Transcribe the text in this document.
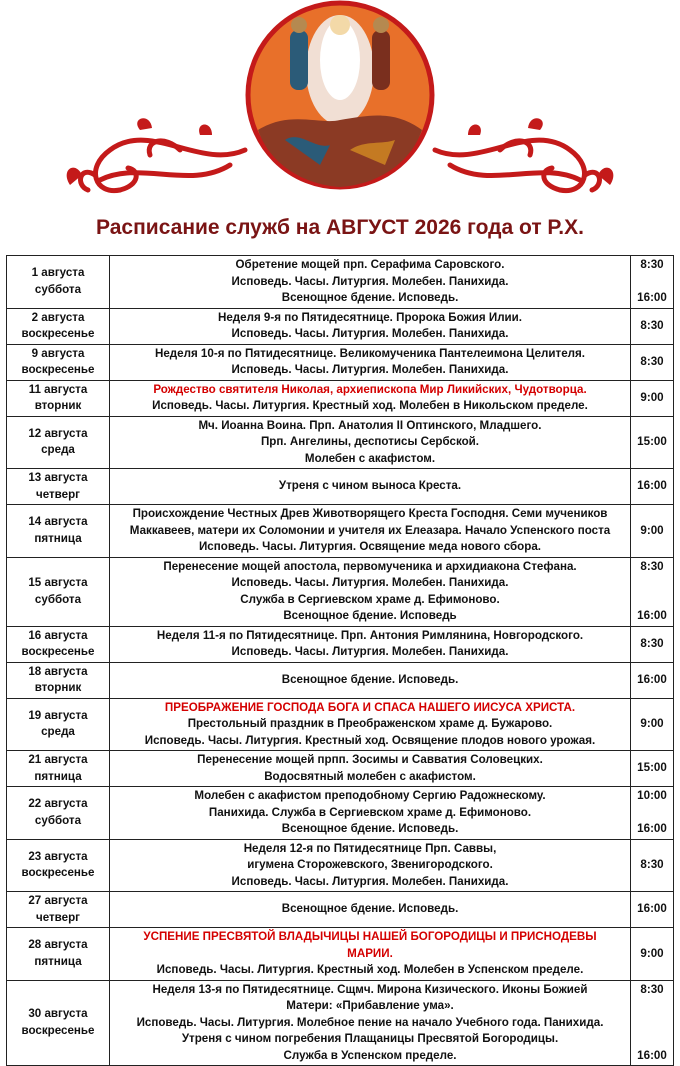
Расписание служб на АВГУСТ 2026 года от Р.Х.
1 августа
суббота	Обретение мощей прп. Серафима Саровского.
Исповедь. Часы. Литургия. Молебен. Панихида.
Всенощное бдение. Исповедь.	8:30
16:00

2 августа
воскресенье	Неделя 9-я по Пятидесятнице. Пророка Божия Илии.
Исповедь. Часы. Литургия. Молебен. Панихида.	8:30

9 августа
воскресенье	Неделя 10-я по Пятидесятнице. Великомученика Пантелеимона Целителя.
Исповедь. Часы. Литургия. Молебен. Панихида.	8:30

11 августа
вторник	Рождество святителя Николая, архиепископа Мир Ликийских, Чудотворца.
Исповедь. Часы. Литургия. Крестный ход. Молебен в Никольском пределе.	9:00

12 августа
среда	Мч. Иоанна Воина. Прп. Анатолия II Оптинского, Младшего.
Прп. Ангелины, деспотисы Сербской.
Молебен с акафистом.	15:00

13 августа
четверг	Утреня с чином выноса Креста.	16:00

14 августа
пятница	Происхождение Честных Древ Животворящего Креста Господня. Семи мучеников
Маккавеев, матери их Соломонии и учителя их Елеазара. Начало Успенского поста
Исповедь. Часы. Литургия. Освящение меда нового сбора.	9:00

15 августа
суббота	Перенесение мощей апостола, первомученика и архидиакона Стефана.
Исповедь. Часы. Литургия. Молебен. Панихида.
Служба в Сергиевском храме д. Ефимоново.
Всенощное бдение. Исповедь	8:30
16:00

16 августа
воскресенье	Неделя 11-я по Пятидесятнице. Прп. Антония Римлянина, Новгородского.
Исповедь. Часы. Литургия. Молебен. Панихида.	8:30

18 августа
вторник	Всенощное бдение. Исповедь.	16:00

19 августа
среда	ПРЕОБРАЖЕНИЕ ГОСПОДА БОГА И СПАСА НАШЕГО ИИСУСА ХРИСТА.
Престольный праздник в Преображенском храме д. Бужарово.
Исповедь. Часы. Литургия. Крестный ход. Освящение плодов нового урожая.	9:00

21 августа
пятница	Перенесение мощей прпп. Зосимы и Савватия Соловецких.
Водосвятный молебен с акафистом.	15:00

22 августа
суббота	Молебен с акафистом преподобному Сергию Радожнескому.
Панихида. Служба в Сергиевском храме д. Ефимоново.
Всенощное бдение. Исповедь.	10:00
16:00

23 августа
воскресенье	Неделя 12-я по Пятидесятнице Прп. Саввы,
игумена Сторожевского, Звенигородского.
Исповедь. Часы. Литургия. Молебен. Панихида.	8:30

27 августа
четверг	Всенощное бдение. Исповедь.	16:00

28 августа
пятница	УСПЕНИЕ ПРЕСВЯТОЙ ВЛАДЫЧИЦЫ НАШЕЙ БОГОРОДИЦЫ И ПРИСНОДЕВЫ
МАРИИ.
Исповедь. Часы. Литургия. Крестный ход. Молебен в Успенском пределе.	9:00

30 августа
воскресенье	Неделя 13-я по Пятидесятнице. Сщмч. Мирона Кизического. Иконы Божией
Матери: «Прибавление ума».
Исповедь. Часы. Литургия. Молебное пение на начало Учебного года. Панихида.
Утреня с чином погребения Плащаницы Пресвятой Богородицы.
Служба в Успенском пределе.	8:30
16:00
